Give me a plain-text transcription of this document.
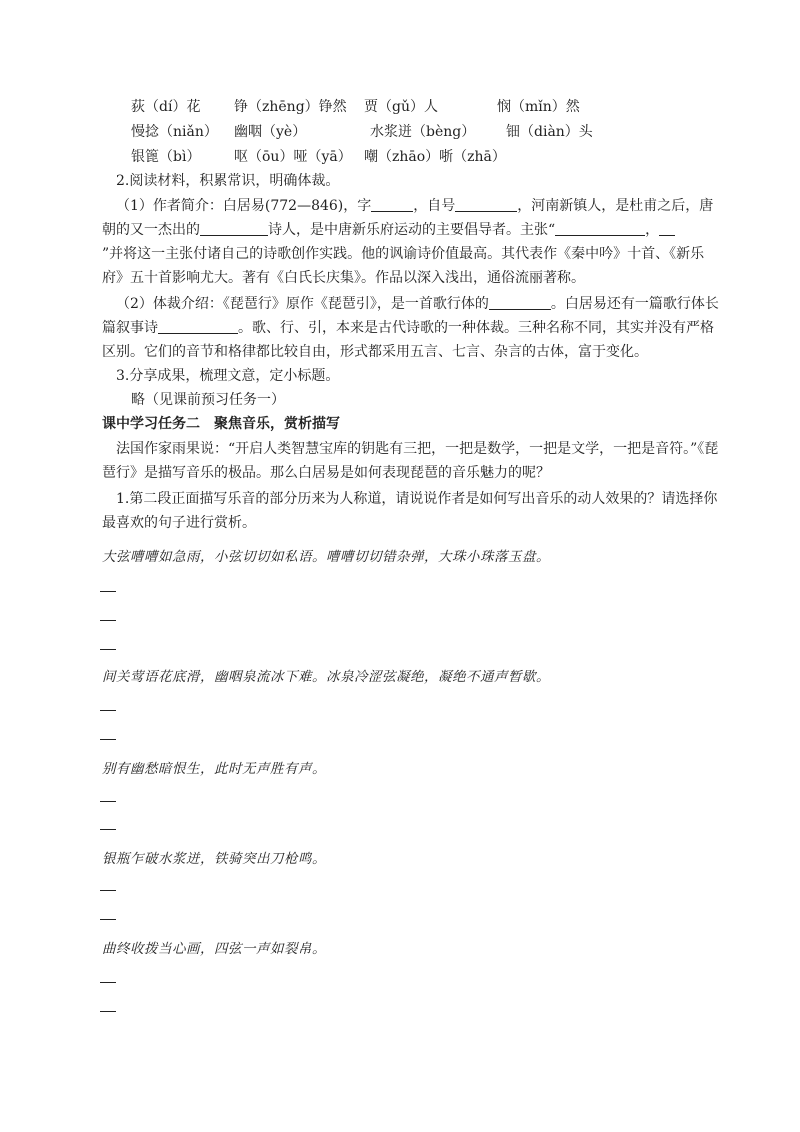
荻（dí）花 铮（zhēng）铮然 贾（gǔ）人	悯（mǐn）然
慢捻（niǎn） 幽咽（yè）	水浆迸（bèng） 钿（diàn）头
银篦（bì） 呕（ōu）哑（yā） 嘲（zhāo）哳（zhā）
2.阅读材料，积累常识，明确体裁。
（1）作者简介：白居易(772—846)，字	，自号	，河南新镇人，是杜甫之后，唐朝的又一杰出的	诗人，是中唐新乐府运动的主要倡导者。主张“	，
”并将这一主张付诸自己的诗歌创作实践。他的讽谕诗价值最高。其代表作《秦中吟》十首、《新乐府》五十首影响尤大。著有《白氏长庆集》。作品以深入浅出，通俗流丽著称。
（2）体裁介绍：《琵琶行》原作《琵琶引》，是一首歌行体的	。白居易还有一篇歌行体长篇叙事诗	。歌、行、引，本来是古代诗歌的一种体裁。三种名称不同，其实并没有严格区别。它们的音节和格律都比较自由，形式都采用五言、七言、杂言的古体，富于变化。
3.分享成果，梳理文意，定小标题。
略（见课前预习任务一）
课中学习任务二　聚焦音乐，赏析描写
法国作家雨果说：“开启人类智慧宝库的钥匙有三把，一把是数学，一把是文学，一把是音符。”《琵琶行》是描写音乐的极品。那么白居易是如何表现琵琶的音乐魅力的呢？
1.第二段正面描写乐音的部分历来为人称道，请说说作者是如何写出音乐的动人效果的？请选择你最喜欢的句子进行赏析。
大弦嘈嘈如急雨，小弦切切如私语。嘈嘈切切错杂弹，大珠小珠落玉盘。
间关莺语花底滑，幽咽泉流冰下难。冰泉冷涩弦凝绝，凝绝不通声暂歇。
别有幽愁暗恨生，此时无声胜有声。
银瓶乍破水浆迸，铁骑突出刀枪鸣。
曲终收拨当心画，四弦一声如裂帛。
